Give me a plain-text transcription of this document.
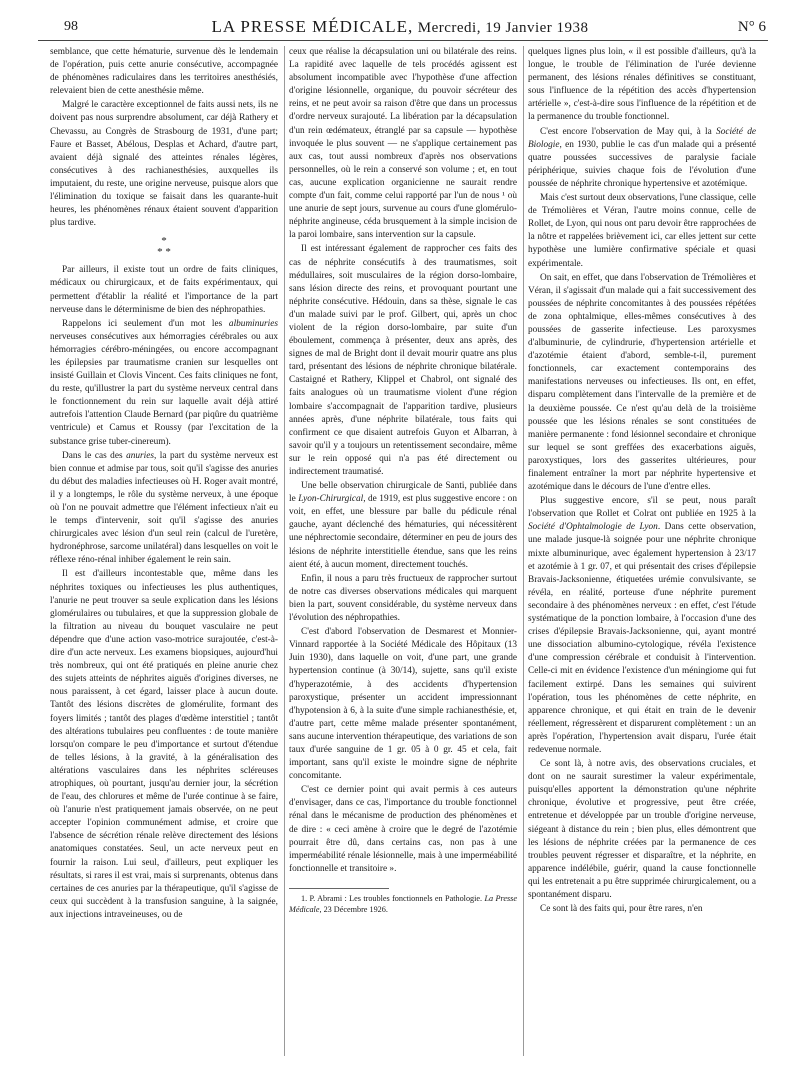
98	LA PRESSE MÉDICALE, Mercredi, 19 Janvier 1938	N° 6

semblance, que cette hématurie, survenue dès le lendemain de l'opération, puis cette anurie consécutive, accompagnée de phénomènes radiculaires dans les territoires anesthésiés, relevaient bien de cette anesthésie même.

Malgré le caractère exceptionnel de faits aussi nets, ils ne doivent pas nous surprendre absolument, car déjà Rathery et Chevassu, au Congrès de Strasbourg de 1931, d'une part; Faure et Basset, Abélous, Desplas et Achard, d'autre part, avaient déjà signalé des atteintes rénales légères, consécutives à des rachianesthésies, auxquelles ils imputaient, du reste, une origine nerveuse, puisque alors que l'élimination du toxique se faisait dans les quarante-huit heures, les phénomènes rénaux étaient souvent d'apparition plus tardive.

*
* *

Par ailleurs, il existe tout un ordre de faits cliniques, médicaux ou chirurgicaux, et de faits expérimentaux, qui permettent d'établir la réalité et l'importance de la part nerveuse dans le déterminisme de bien des néphropathies.

Rappelons ici seulement d'un mot les albuminuries nerveuses consécutives aux hémorragies cérébrales ou aux hémorragies cérébro-méningées, ou encore accompagnant les épilepsies par traumatisme cranien sur lesquelles ont insisté Guillain et Clovis Vincent. Ces faits cliniques ne font, du reste, qu'illustrer la part du système nerveux central dans le fonctionnement du rein sur laquelle avait déjà attiré autrefois l'attention Claude Bernard (par piqûre du quatrième ventricule) et Camus et Roussy (par l'excitation de la substance grise tuber-cinereum).

Dans le cas des anuries, la part du système nerveux est bien connue et admise par tous, soit qu'il s'agisse des anuries du début des maladies infectieuses où H. Roger avait montré, il y a longtemps, le rôle du système nerveux, à une époque où l'on ne pouvait admettre que l'élément infectieux n'ait eu le temps d'intervenir, soit qu'il s'agisse des anuries chirurgicales avec lésion d'un seul rein (calcul de l'uretère, hydronéphrose, sarcome unilatéral) dans lesquelles on voit le réflexe réno-rénal inhiber également le rein sain.

Il est d'ailleurs incontestable que, même dans les néphrites toxiques ou infectieuses les plus authentiques, l'anurie ne peut trouver sa seule explication dans les lésions glomérulaires ou tubulaires, et que la suppression globale de la filtration au niveau du bouquet vasculaire ne peut dépendre que d'une action vaso-motrice surajoutée, c'est-à-dire d'un acte nerveux. Les examens biopsiques, aujourd'hui très nombreux, qui ont été pratiqués en pleine anurie chez des sujets atteints de néphrites aiguës d'origines diverses, ne nous paraissent, à cet égard, laisser place à aucun doute. Tantôt des lésions discrètes de glomérulite, formant des foyers limités ; tantôt des plages d'œdème interstitiel ; tantôt des altérations tubulaires peu confluentes : de toute manière lorsqu'on compare le peu d'importance et surtout d'étendue de telles lésions, à la gravité, à la généralisation des altérations vasculaires dans les néphrites scléreuses atrophiques, où pourtant, jusqu'au dernier jour, la sécrétion de l'eau, des chlorures et même de l'urée continue à se faire, où l'anurie n'est pratiquement jamais observée, on ne peut accepter l'opinion communément admise, et croire que l'absence de sécrétion rénale relève directement des lésions anatomiques constatées. Seul, un acte nerveux peut en fournir la raison. Lui seul, d'ailleurs, peut expliquer les résultats, si rares il est vrai, mais si surprenants, obtenus dans certaines de ces anuries par la thérapeutique, qu'il s'agisse de ceux qui succèdent à la transfusion sanguine, à la saignée, aux injections intraveineuses, ou de

ceux que réalise la décapsulation uni ou bilatérale des reins. La rapidité avec laquelle de tels procédés agissent est absolument incompatible avec l'hypothèse d'une affection d'origine lésionnelle, organique, du pouvoir sécréteur des reins, et ne peut avoir sa raison d'être que dans un processus d'ordre nerveux surajouté. La libération par la décapsulation d'un rein œdémateux, étranglé par sa capsule — hypothèse invoquée le plus souvent — ne s'applique certainement pas aux cas, tout aussi nombreux d'après nos observations personnelles, où le rein a conservé son volume ; et, en tout cas, aucune explication organicienne ne saurait rendre compte d'un fait, comme celui rapporté par l'un de nous ¹ où une anurie de sept jours, survenue au cours d'une glomérulo-néphrite angineuse, céda brusquement à la simple incision de la paroi lombaire, sans intervention sur la capsule.

Il est intéressant également de rapprocher ces faits des cas de néphrite consécutifs à des traumatismes, soit médullaires, soit musculaires de la région dorso-lombaire, sans lésion directe des reins, et provoquant pourtant une néphrite consécutive. Hédouin, dans sa thèse, signale le cas d'un malade suivi par le prof. Gilbert, qui, après un choc violent de la région dorso-lombaire, par suite d'un éboulement, commença à présenter, deux ans après, des signes de mal de Bright dont il devait mourir quatre ans plus tard, présentant des lésions de néphrite chronique bilatérale. Castaigné et Rathery, Klippel et Chabrol, ont signalé des faits analogues où un traumatisme violent d'une région lombaire s'accompagnait de l'apparition tardive, plusieurs années après, d'une néphrite bilatérale, tous faits qui confirment ce que disaient autrefois Guyon et Albarran, à savoir qu'il y a toujours un retentissement secondaire, même sur le rein opposé qui n'a pas été directement ou indirectement traumatisé.

Une belle observation chirurgicale de Santi, publiée dans le Lyon-Chirurgical, de 1919, est plus suggestive encore : on voit, en effet, une blessure par balle du pédicule rénal gauche, ayant déclenché des hématuries, qui nécessitèrent une néphrectomie secondaire, déterminer en peu de jours des lésions de néphrite interstitielle étendue, sans que les reins aient été, à aucun moment, directement touchés.

Enfin, il nous a paru très fructueux de rapprocher surtout de notre cas diverses observations médicales qui marquent bien la part, souvent considérable, du système nerveux dans l'évolution des néphropathies.

C'est d'abord l'observation de Desmarest et Monnier-Vinnard rapportée à la Société Médicale des Hôpitaux (13 Juin 1930), dans laquelle on voit, d'une part, une grande hypertension continue (à 30/14), sujette, sans qu'il existe d'hyperazotémie, à des accidents d'hypertension paroxystique, présenter un accident impressionnant d'hypotension à 6, à la suite d'une simple rachianesthésie, et, d'autre part, cette même malade présenter spontanément, sans aucune intervention thérapeutique, des variations de son taux d'urée sanguine de 1 gr. 05 à 0 gr. 45 et cela, fait important, sans qu'il existe le moindre signe de néphrite concomitante.

C'est ce dernier point qui avait permis à ces auteurs d'envisager, dans ce cas, l'importance du trouble fonctionnel rénal dans le mécanisme de production des phénomènes et de dire : « ceci amène à croire que le degré de l'azotémie pourrait être dû, dans certains cas, non pas à une imperméabilité rénale lésionnelle, mais à une imperméabilité fonctionnelle et transitoire ».

1. P. Abrami : Les troubles fonctionnels en Pathologie. La Presse Médicale, 23 Décembre 1926.

quelques lignes plus loin, « il est possible d'ailleurs, qu'à la longue, le trouble de l'élimination de l'urée devienne permanent, des lésions rénales définitives se constituant, sous l'influence de la répétition des accès d'hypertension artérielle », c'est-à-dire sous l'influence de la répétition et de la permanence du trouble fonctionnel.

C'est encore l'observation de May qui, à la Société de Biologie, en 1930, publie le cas d'un malade qui a présenté quatre poussées successives de paralysie faciale périphérique, suivies chaque fois de l'évolution d'une poussée de néphrite chronique hypertensive et azotémique.

Mais c'est surtout deux observations, l'une classique, celle de Trémolières et Véran, l'autre moins connue, celle de Rollet, de Lyon, qui nous ont paru devoir être rapprochées de la nôtre et rappelées brièvement ici, car elles jettent sur cette hypothèse une lumière confirmative spéciale et quasi expérimentale.

On sait, en effet, que dans l'observation de Trémolières et Véran, il s'agissait d'un malade qui a fait successivement des poussées de néphrite concomitantes à des poussées répétées de zona ophtalmique, elles-mêmes consécutives à des poussées de gasserite infectieuse. Les paroxysmes d'albuminurie, de cylindrurie, d'hypertension artérielle et d'azotémie étaient d'abord, semble-t-il, purement fonctionnels, car exactement contemporains des manifestations nerveuses ou infectieuses. Ils ont, en effet, disparu complètement dans l'intervalle de la première et de la deuxième poussée. Ce n'est qu'au delà de la troisième poussée que les lésions rénales se sont constituées de manière permanente : fond lésionnel secondaire et chronique sur lequel se sont greffées des exacerbations aiguës, paroxystiques, lors des gasserites ultérieures, pour finalement entraîner la mort par néphrite hypertensive et azotémique dans le décours de l'une d'entre elles.

Plus suggestive encore, s'il se peut, nous paraît l'observation que Rollet et Colrat ont publiée en 1925 à la Société d'Ophtalmologie de Lyon. Dans cette observation, une malade jusque-là soignée pour une néphrite chronique mixte albuminurique, avec également hypertension à 23/17 et azotémie à 1 gr. 07, et qui présentait des crises d'épilepsie Bravais-Jacksonienne, étiquetées urémie convulsivante, se révéla, en réalité, porteuse d'une néphrite purement secondaire à des phénomènes nerveux : en effet, c'est l'étude systématique de la ponction lombaire, à l'occasion d'une des crises d'épilepsie Bravais-Jacksonienne, qui, ayant montré une dissociation albumino-cytologique, révéla l'existence d'une compression cérébrale et conduisit à l'intervention. Celle-ci mit en évidence l'existence d'un méningiome qui fut facilement extirpé. Dans les semaines qui suivirent l'opération, tous les phénomènes de cette néphrite, en apparence chronique, et qui était en train de le devenir réellement, régressèrent et disparurent complètement : un an après l'opération, l'hypertension avait disparu, l'urée était redevenue normale.

Ce sont là, à notre avis, des observations cruciales, et dont on ne saurait surestimer la valeur expérimentale, puisqu'elles apportent la démonstration qu'une néphrite chronique, évolutive et progressive, peut être créée, entretenue et développée par un trouble d'origine nerveuse, siégeant à distance du rein ; bien plus, elles démontrent que les lésions de néphrite créées par la permanence de ces troubles peuvent régresser et disparaître, et la néphrite, en apparence indélébile, guérir, quand la cause fonctionnelle qui les entretenait a pu être supprimée chirurgicalement, ou a spontanément disparu.

Ce sont là des faits qui, pour être rares, n'en
